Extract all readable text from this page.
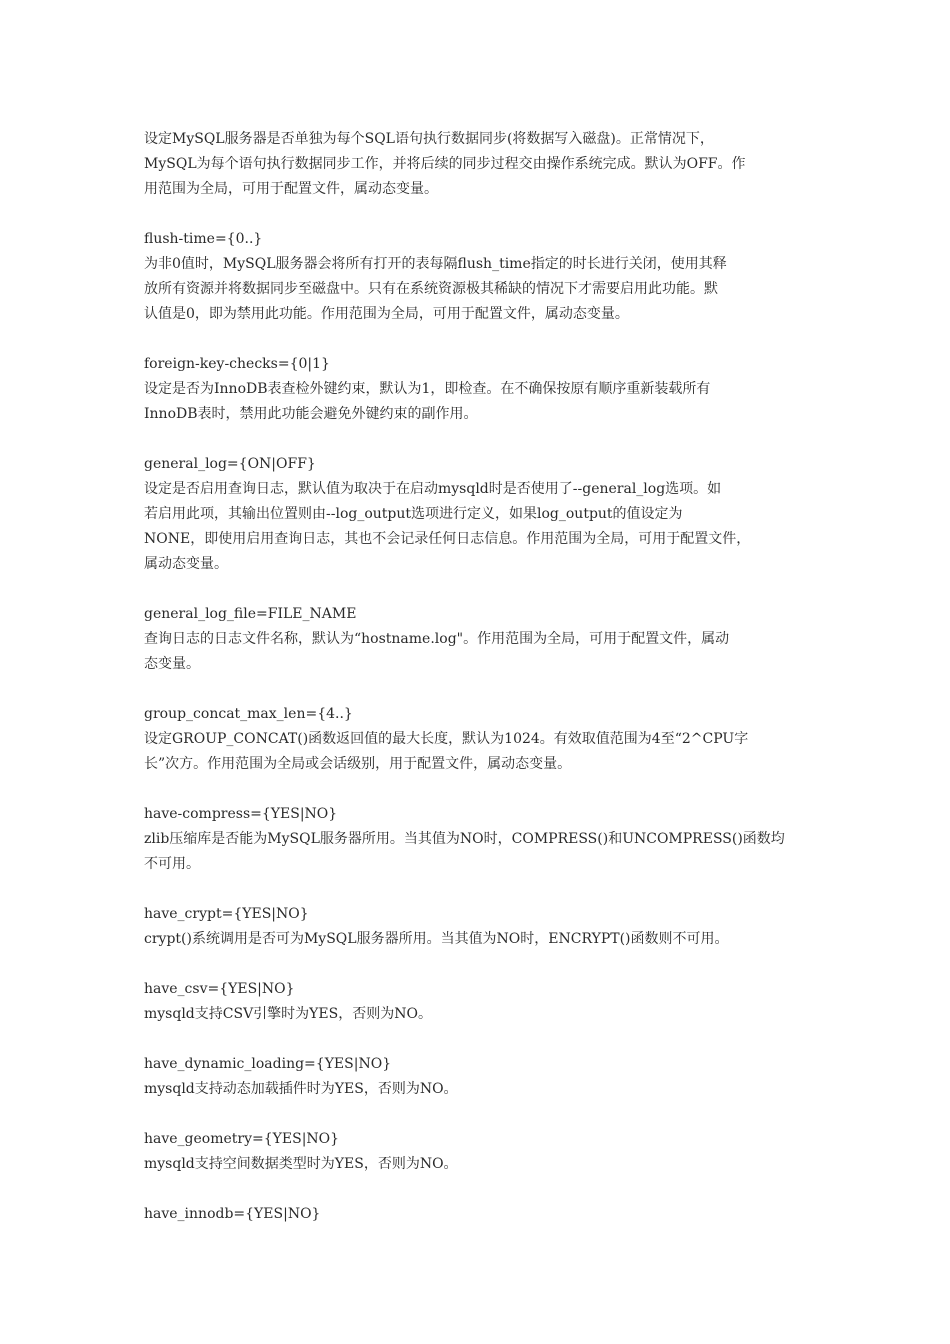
设定MySQL服务器是否单独为每个SQL语句执行数据同步(将数据写入磁盘)。正常情况下，
MySQL为每个语句执行数据同步工作，并将后续的同步过程交由操作系统完成。默认为OFF。作
用范围为全局，可用于配置文件，属动态变量。
flush-time={0..}
为非0值时，MySQL服务器会将所有打开的表每隔flush_time指定的时长进行关闭，使用其释
放所有资源并将数据同步至磁盘中。只有在系统资源极其稀缺的情况下才需要启用此功能。默
认值是0，即为禁用此功能。作用范围为全局，可用于配置文件，属动态变量。
foreign-key-checks={0|1}
设定是否为InnoDB表查检外键约束，默认为1，即检查。在不确保按原有顺序重新装载所有
InnoDB表时，禁用此功能会避免外键约束的副作用。
general_log={ON|OFF}
设定是否启用查询日志，默认值为取决于在启动mysqld时是否使用了--general_log选项。如
若启用此项，其输出位置则由--log_output选项进行定义，如果log_output的值设定为
NONE，即使用启用查询日志，其也不会记录任何日志信息。作用范围为全局，可用于配置文件，
属动态变量。
general_log_file=FILE_NAME
查询日志的日志文件名称，默认为“hostname.log"。作用范围为全局，可用于配置文件，属动
态变量。
group_concat_max_len={4..}
设定GROUP_CONCAT()函数返回值的最大长度，默认为1024。有效取值范围为4至“2^CPU字
长”次方。作用范围为全局或会话级别，用于配置文件，属动态变量。
have-compress={YES|NO}
zlib压缩库是否能为MySQL服务器所用。当其值为NO时，COMPRESS()和UNCOMPRESS()函数均
不可用。
have_crypt={YES|NO}
crypt()系统调用是否可为MySQL服务器所用。当其值为NO时，ENCRYPT()函数则不可用。
have_csv={YES|NO}
mysqld支持CSV引擎时为YES，否则为NO。
have_dynamic_loading={YES|NO}
mysqld支持动态加载插件时为YES，否则为NO。
have_geometry={YES|NO}
mysqld支持空间数据类型时为YES，否则为NO。
have_innodb={YES|NO}
